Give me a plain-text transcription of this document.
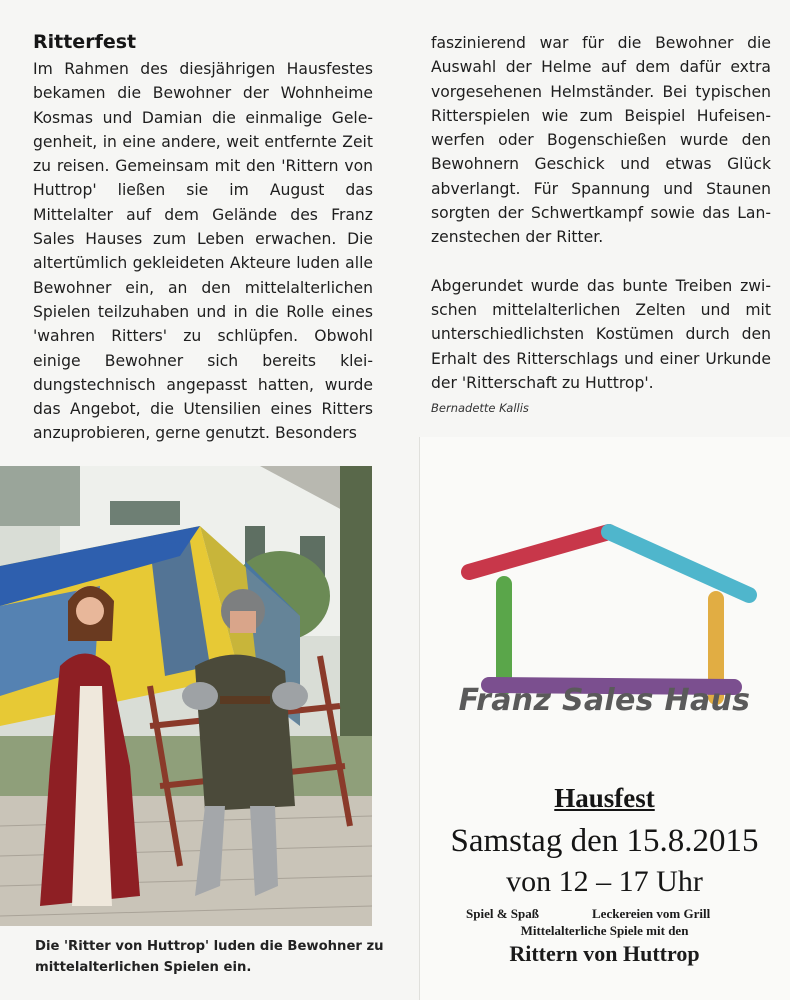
Ritterfest

Im Rahmen des diesjährigen Hausfestes bekamen die Bewohner der Wohnheime Kosmas und Damian die einmalige Gelegenheit, in eine andere, weit entfernte Zeit zu reisen. Gemeinsam mit den 'Rittern von Huttrop' ließen sie im August das Mittelalter auf dem Gelände des Franz Sales Hauses zum Leben erwachen. Die altertümlich gekleideten Akteure luden alle Bewohner ein, an den mittelalterlichen Spielen teilzuhaben und in die Rolle eines 'wahren Ritters' zu schlüpfen. Obwohl einige Bewohner sich bereits kleidungstechnisch angepasst hatten, wurde das Angebot, die Utensilien eines Ritters anzuprobieren, gerne genutzt. Besonders

faszinierend war für die Bewohner die Auswahl der Helme auf dem dafür extra vorgesehenen Helmständer. Bei typischen Ritterspielen wie zum Beispiel Hufeisenwerfen oder Bogenschießen wurde den Bewohnern Geschick und etwas Glück abverlangt. Für Spannung und Staunen sorgten der Schwertkampf sowie das Lanzenstechen der Ritter.

Abgerundet wurde das bunte Treiben zwischen mittelalterlichen Zelten und mit unterschiedlichsten Kostümen durch den Erhalt des Ritterschlags und einer Urkunde der 'Ritterschaft zu Huttrop'.

Bernadette Kallis
Die 'Ritter von Huttrop' luden die Bewohner zu mittelalterlichen Spielen ein.
Franz Sales Haus
Hausfest
Samstag den 15.8.2015
von 12 – 17 Uhr
Spiel & Spaß	Leckereien vom Grill
Mittelalterliche Spiele mit den
Rittern von Huttrop
